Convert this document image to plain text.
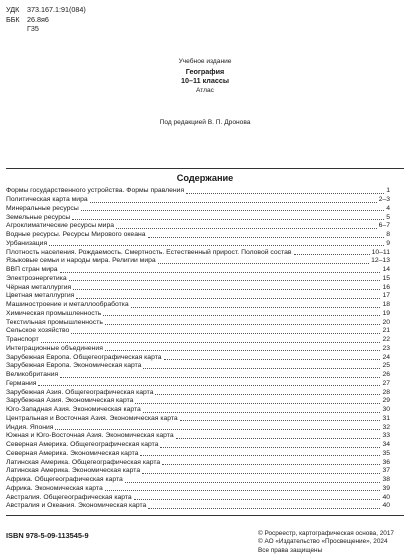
УДК	373.167.1:91(084)
ББК	26.8я6
Г35
Учебное издание
География
10–11 классы
Атлас
Под редакцией В. П. Дронова
Содержание
Формы государственного устройства. Формы правления	1
Политическая карта мира	2–3
Минеральные ресурсы	4
Земельные ресурсы	5
Агроклиматические ресурсы мира	6–7
Водные ресурсы. Ресурсы Мирового океана	8
Урбанизация	9
Плотность населения. Рождаемость. Смертность. Естественный прирост. Половой состав	10–11
Языковые семьи и народы мира. Религии мира	12–13
ВВП стран мира	14
Электроэнергетика	15
Чёрная металлургия	16
Цветная металлургия	17
Машиностроение и металлообработка	18
Химическая промышленность	19
Текстильная промышленность	20
Сельское хозяйство	21
Транспорт	22
Интеграционные объединения	23
Зарубежная Европа. Общегеографическая карта	24
Зарубежная Европа. Экономическая карта	25
Великобритания	26
Германия	27
Зарубежная Азия. Общегеографическая карта	28
Зарубежная Азия. Экономическая карта	29
Юго-Западная Азия. Экономическая карта	30
Центральная и Восточная Азия. Экономическая карта	31
Индия. Япония	32
Южная и Юго-Восточная Азия. Экономическая карта	33
Северная Америка. Общегеографическая карта	34
Северная Америка. Экономическая карта	35
Латинская Америка. Общегеографическая карта	36
Латинская Америка. Экономическая карта	37
Африка. Общегеографическая карта	38
Африка. Экономическая карта	39
Австралия. Общегеографическая карта	40
Австралия и Океания. Экономическая карта	40
ISBN 978-5-09-113545-9	© Росреестр, картографическая основа, 2017
© АО «Издательство «Просвещение», 2024
Все права защищены
